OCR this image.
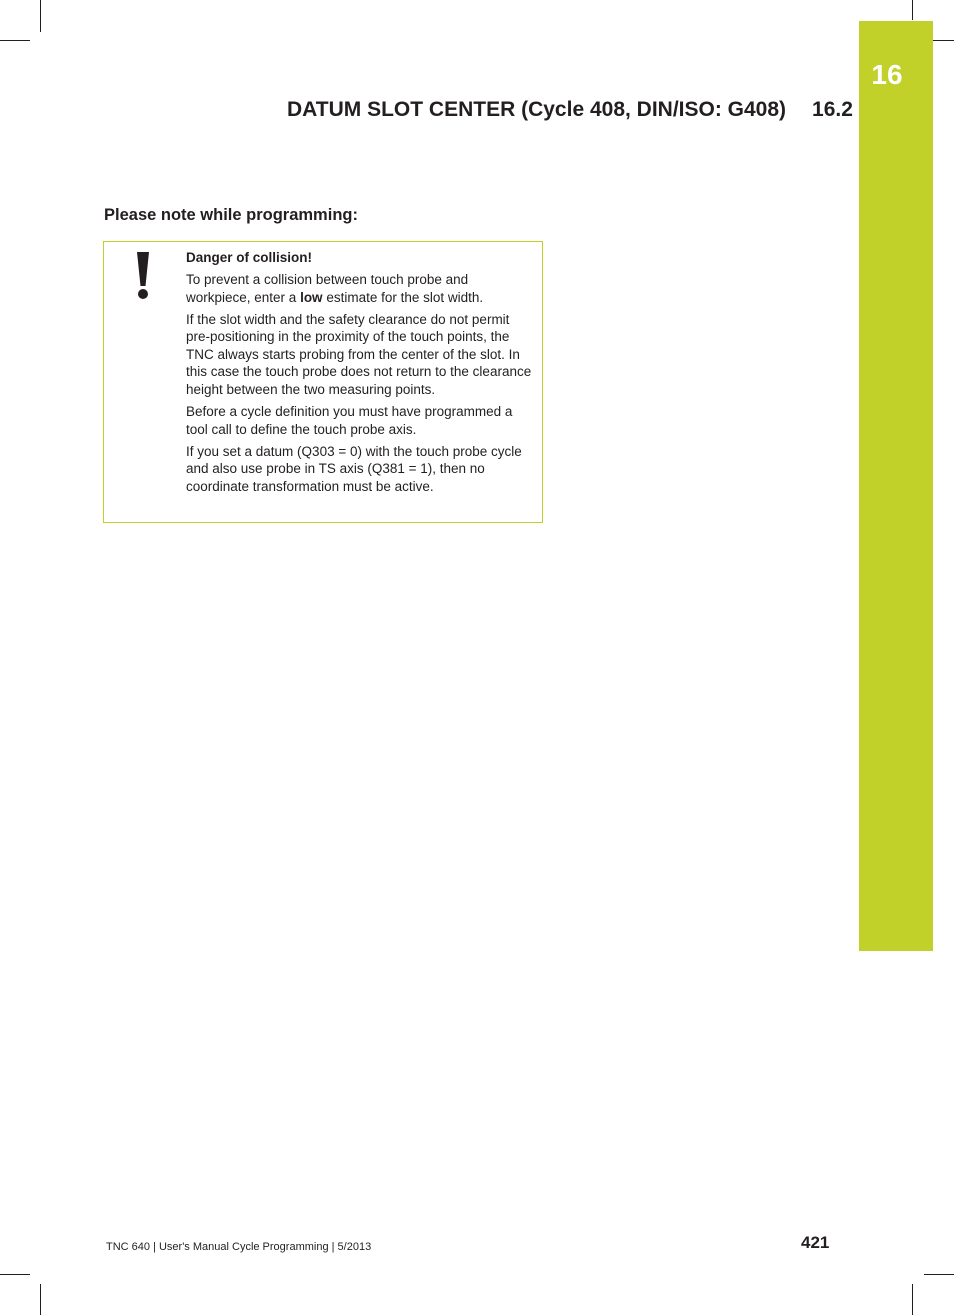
16
DATUM SLOT CENTER (Cycle 408, DIN/ISO: G408) 16.2
Please note while programming:

Danger of collision!

To prevent a collision between touch probe and workpiece, enter a low estimate for the slot width.

If the slot width and the safety clearance do not permit pre-positioning in the proximity of the touch points, the TNC always starts probing from the center of the slot. In this case the touch probe does not return to the clearance height between the two measuring points.

Before a cycle definition you must have programmed a tool call to define the touch probe axis.

If you set a datum (Q303 = 0) with the touch probe cycle and also use probe in TS axis (Q381 = 1), then no coordinate transformation must be active.

TNC 640 | User's Manual Cycle Programming | 5/2013	421
